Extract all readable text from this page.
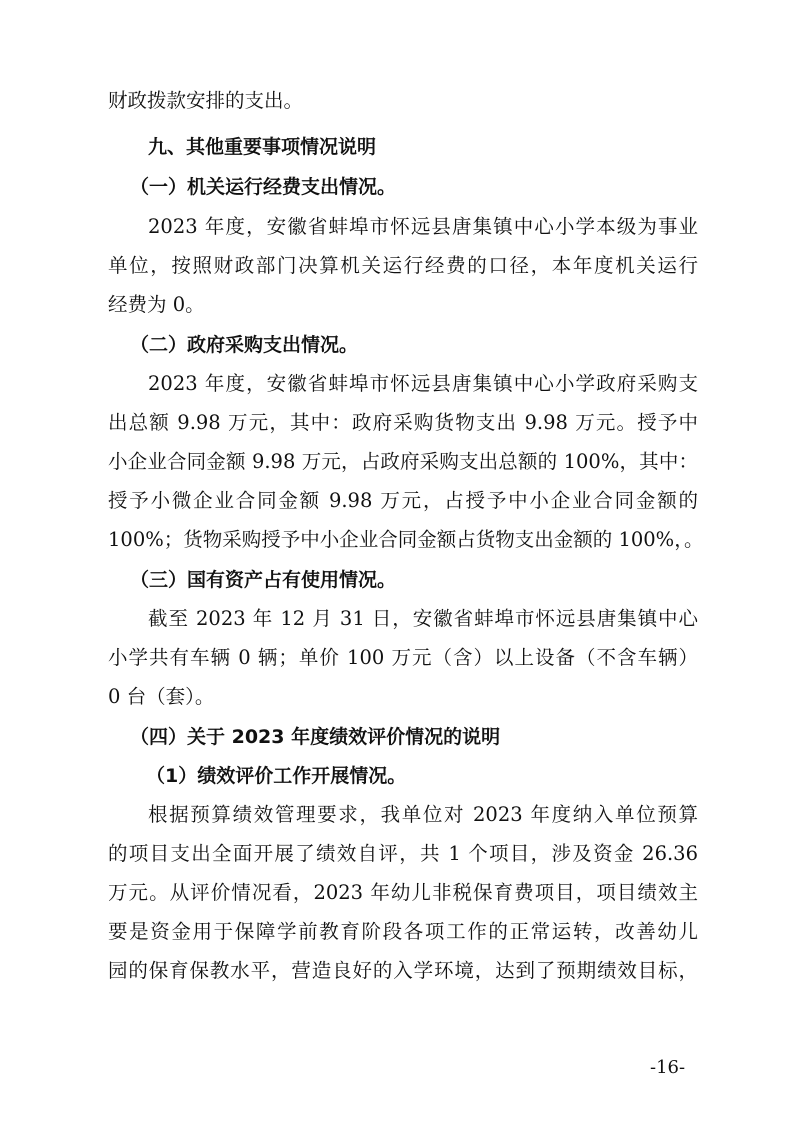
财政拨款安排的支出。
九、其他重要事项情况说明
（一）机关运行经费支出情况。
2023 年度，安徽省蚌埠市怀远县唐集镇中心小学本级为事业
单位，按照财政部门决算机关运行经费的口径，本年度机关运行
经费为 0。
（二）政府采购支出情况。
2023 年度，安徽省蚌埠市怀远县唐集镇中心小学政府采购支
出总额 9.98 万元，其中：政府采购货物支出 9.98 万元。授予中
小企业合同金额 9.98 万元，占政府采购支出总额的 100%，其中：
授予小微企业合同金额 9.98 万元，占授予中小企业合同金额的
100%；货物采购授予中小企业合同金额占货物支出金额的 100%，。
（三）国有资产占有使用情况。
截至 2023 年 12 月 31 日，安徽省蚌埠市怀远县唐集镇中心
小学共有车辆 0 辆；单价 100 万元（含）以上设备（不含车辆）
0 台（套）。
（四）关于 2023 年度绩效评价情况的说明
（1）绩效评价工作开展情况。
根据预算绩效管理要求，我单位对 2023 年度纳入单位预算
的项目支出全面开展了绩效自评，共 1 个项目，涉及资金 26.36
万元。从评价情况看，2023 年幼儿非税保育费项目，项目绩效主
要是资金用于保障学前教育阶段各项工作的正常运转，改善幼儿
园的保育保教水平，营造良好的入学环境，达到了预期绩效目标，
-16-
